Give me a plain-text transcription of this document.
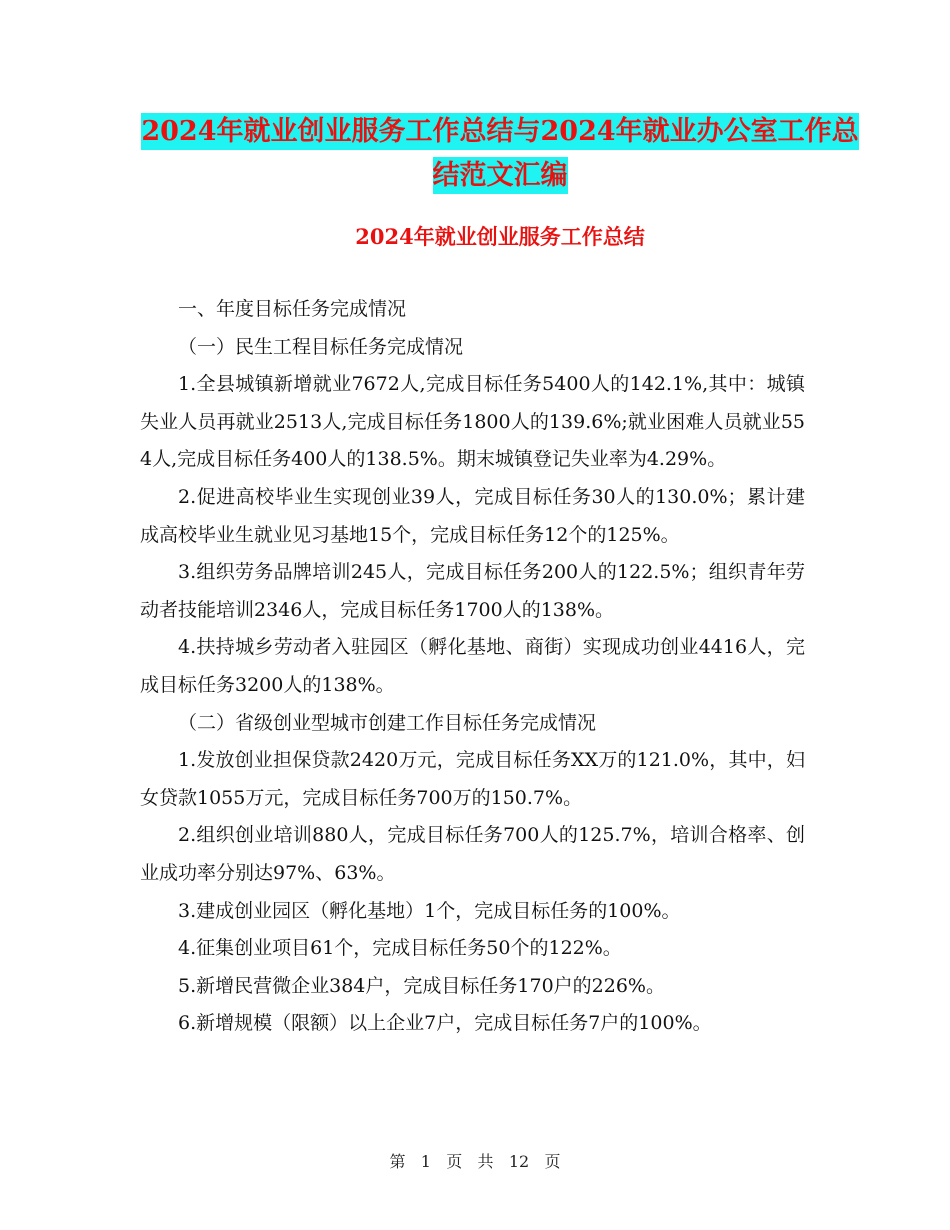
2024年就业创业服务工作总结与2024年就业办公室工作总结范文汇编
2024年就业创业服务工作总结

一、年度目标任务完成情况

（一）民生工程目标任务完成情况

1.全县城镇新增就业7672人,完成目标任务5400人的142.1%,其中：城镇失业人员再就业2513人,完成目标任务1800人的139.6%;就业困难人员就业554人,完成目标任务400人的138.5%。期末城镇登记失业率为4.29%。

2.促进高校毕业生实现创业39人，完成目标任务30人的130.0%；累计建成高校毕业生就业见习基地15个，完成目标任务12个的125%。

3.组织劳务品牌培训245人，完成目标任务200人的122.5%；组织青年劳动者技能培训2346人，完成目标任务1700人的138%。

4.扶持城乡劳动者入驻园区（孵化基地、商街）实现成功创业4416人，完成目标任务3200人的138%。

（二）省级创业型城市创建工作目标任务完成情况

1.发放创业担保贷款2420万元，完成目标任务XX万的121.0%，其中，妇女贷款1055万元，完成目标任务700万的150.7%。

2.组织创业培训880人，完成目标任务700人的125.7%，培训合格率、创业成功率分别达97%、63%。

3.建成创业园区（孵化基地）1个，完成目标任务的100%。

4.征集创业项目61个，完成目标任务50个的122%。

5.新增民营微企业384户，完成目标任务170户的226%。

6.新增规模（限额）以上企业7户，完成目标任务7户的100%。

第 1 页 共 12 页
